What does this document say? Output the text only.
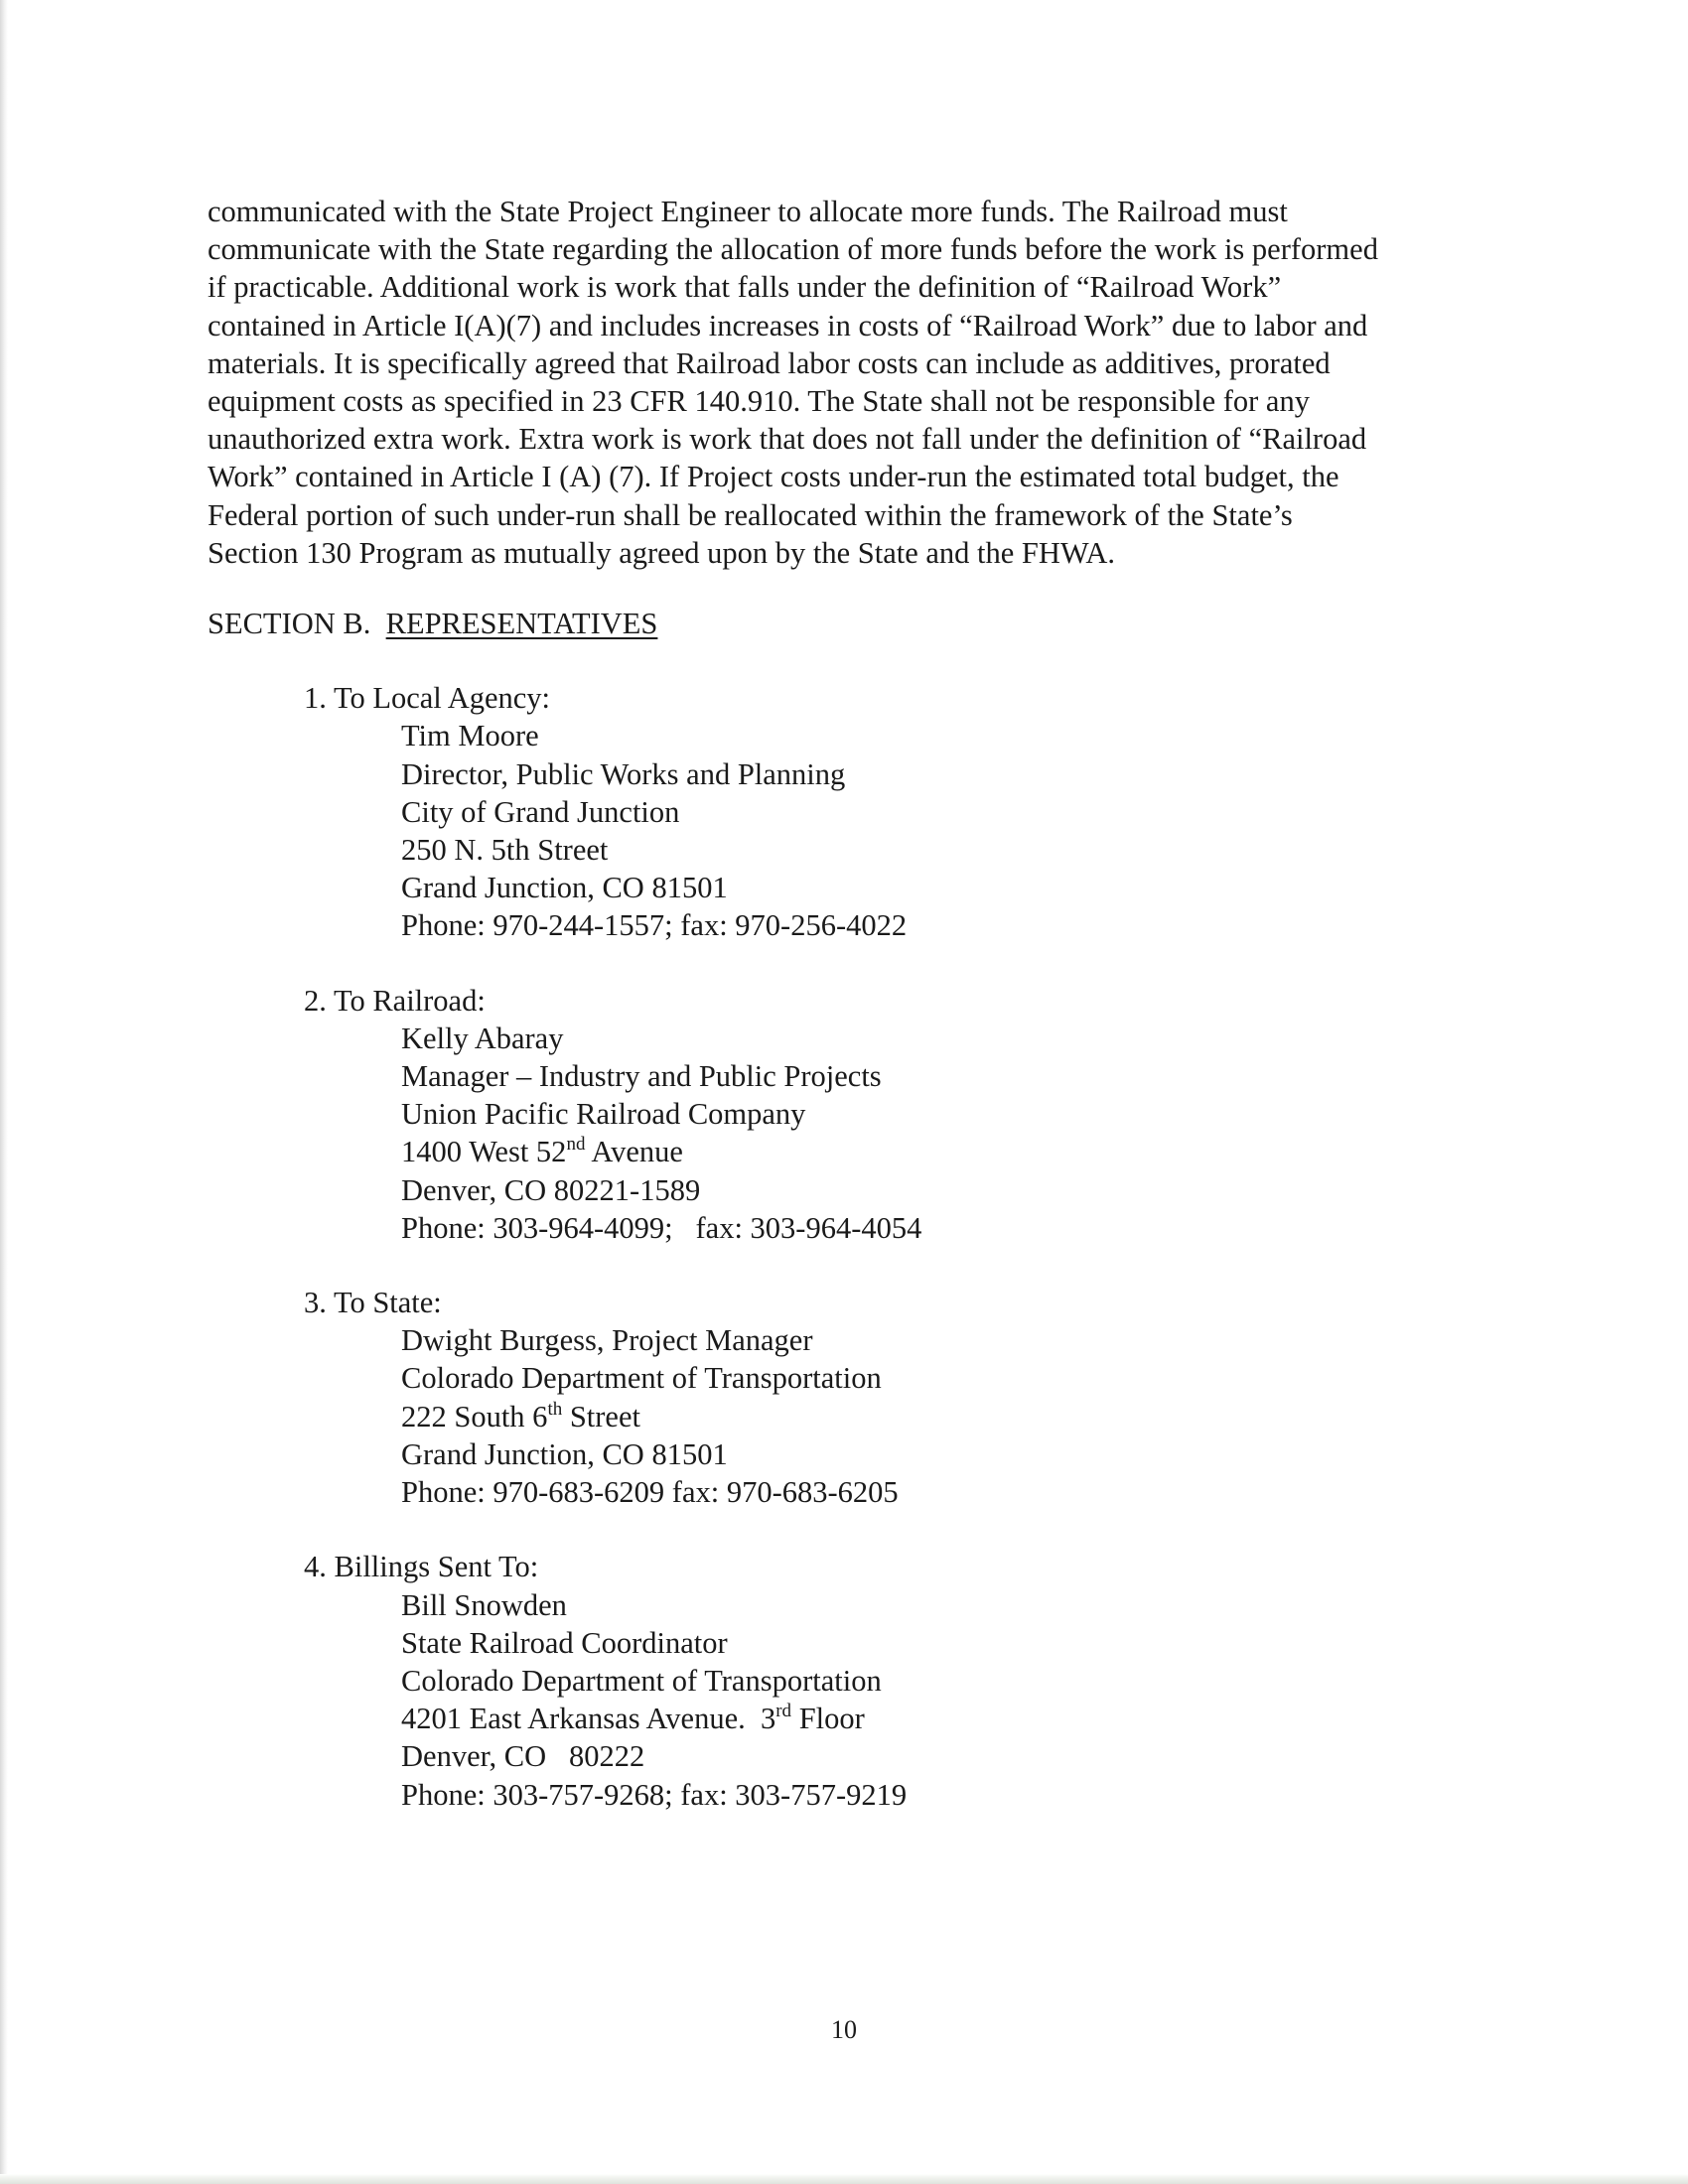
communicated with the State Project Engineer to allocate more funds. The Railroad must
communicate with the State regarding the allocation of more funds before the work is performed
if practicable. Additional work is work that falls under the definition of “Railroad Work”
contained in Article I(A)(7) and includes increases in costs of “Railroad Work” due to labor and
materials. It is specifically agreed that Railroad labor costs can include as additives, prorated
equipment costs as specified in 23 CFR 140.910. The State shall not be responsible for any
unauthorized extra work. Extra work is work that does not fall under the definition of “Railroad
Work” contained in Article I (A) (7). If Project costs under-run the estimated total budget, the
Federal portion of such under-run shall be reallocated within the framework of the State’s
Section 130 Program as mutually agreed upon by the State and the FHWA.

SECTION B. REPRESENTATIVES
1. To Local Agency:
Tim Moore
Director, Public Works and Planning
City of Grand Junction
250 N. 5th Street
Grand Junction, CO 81501
Phone: 970-244-1557; fax: 970-256-4022
2. To Railroad:
Kelly Abaray
Manager – Industry and Public Projects
Union Pacific Railroad Company
1400 West 52nd Avenue
Denver, CO 80221-1589
Phone: 303-964-4099;   fax: 303-964-4054
3. To State:
Dwight Burgess, Project Manager
Colorado Department of Transportation
222 South 6th Street
Grand Junction, CO 81501
Phone: 970-683-6209 fax: 970-683-6205
4. Billings Sent To:
Bill Snowden
State Railroad Coordinator
Colorado Department of Transportation
4201 East Arkansas Avenue.  3rd Floor
Denver, CO   80222
Phone: 303-757-9268; fax: 303-757-9219
10
